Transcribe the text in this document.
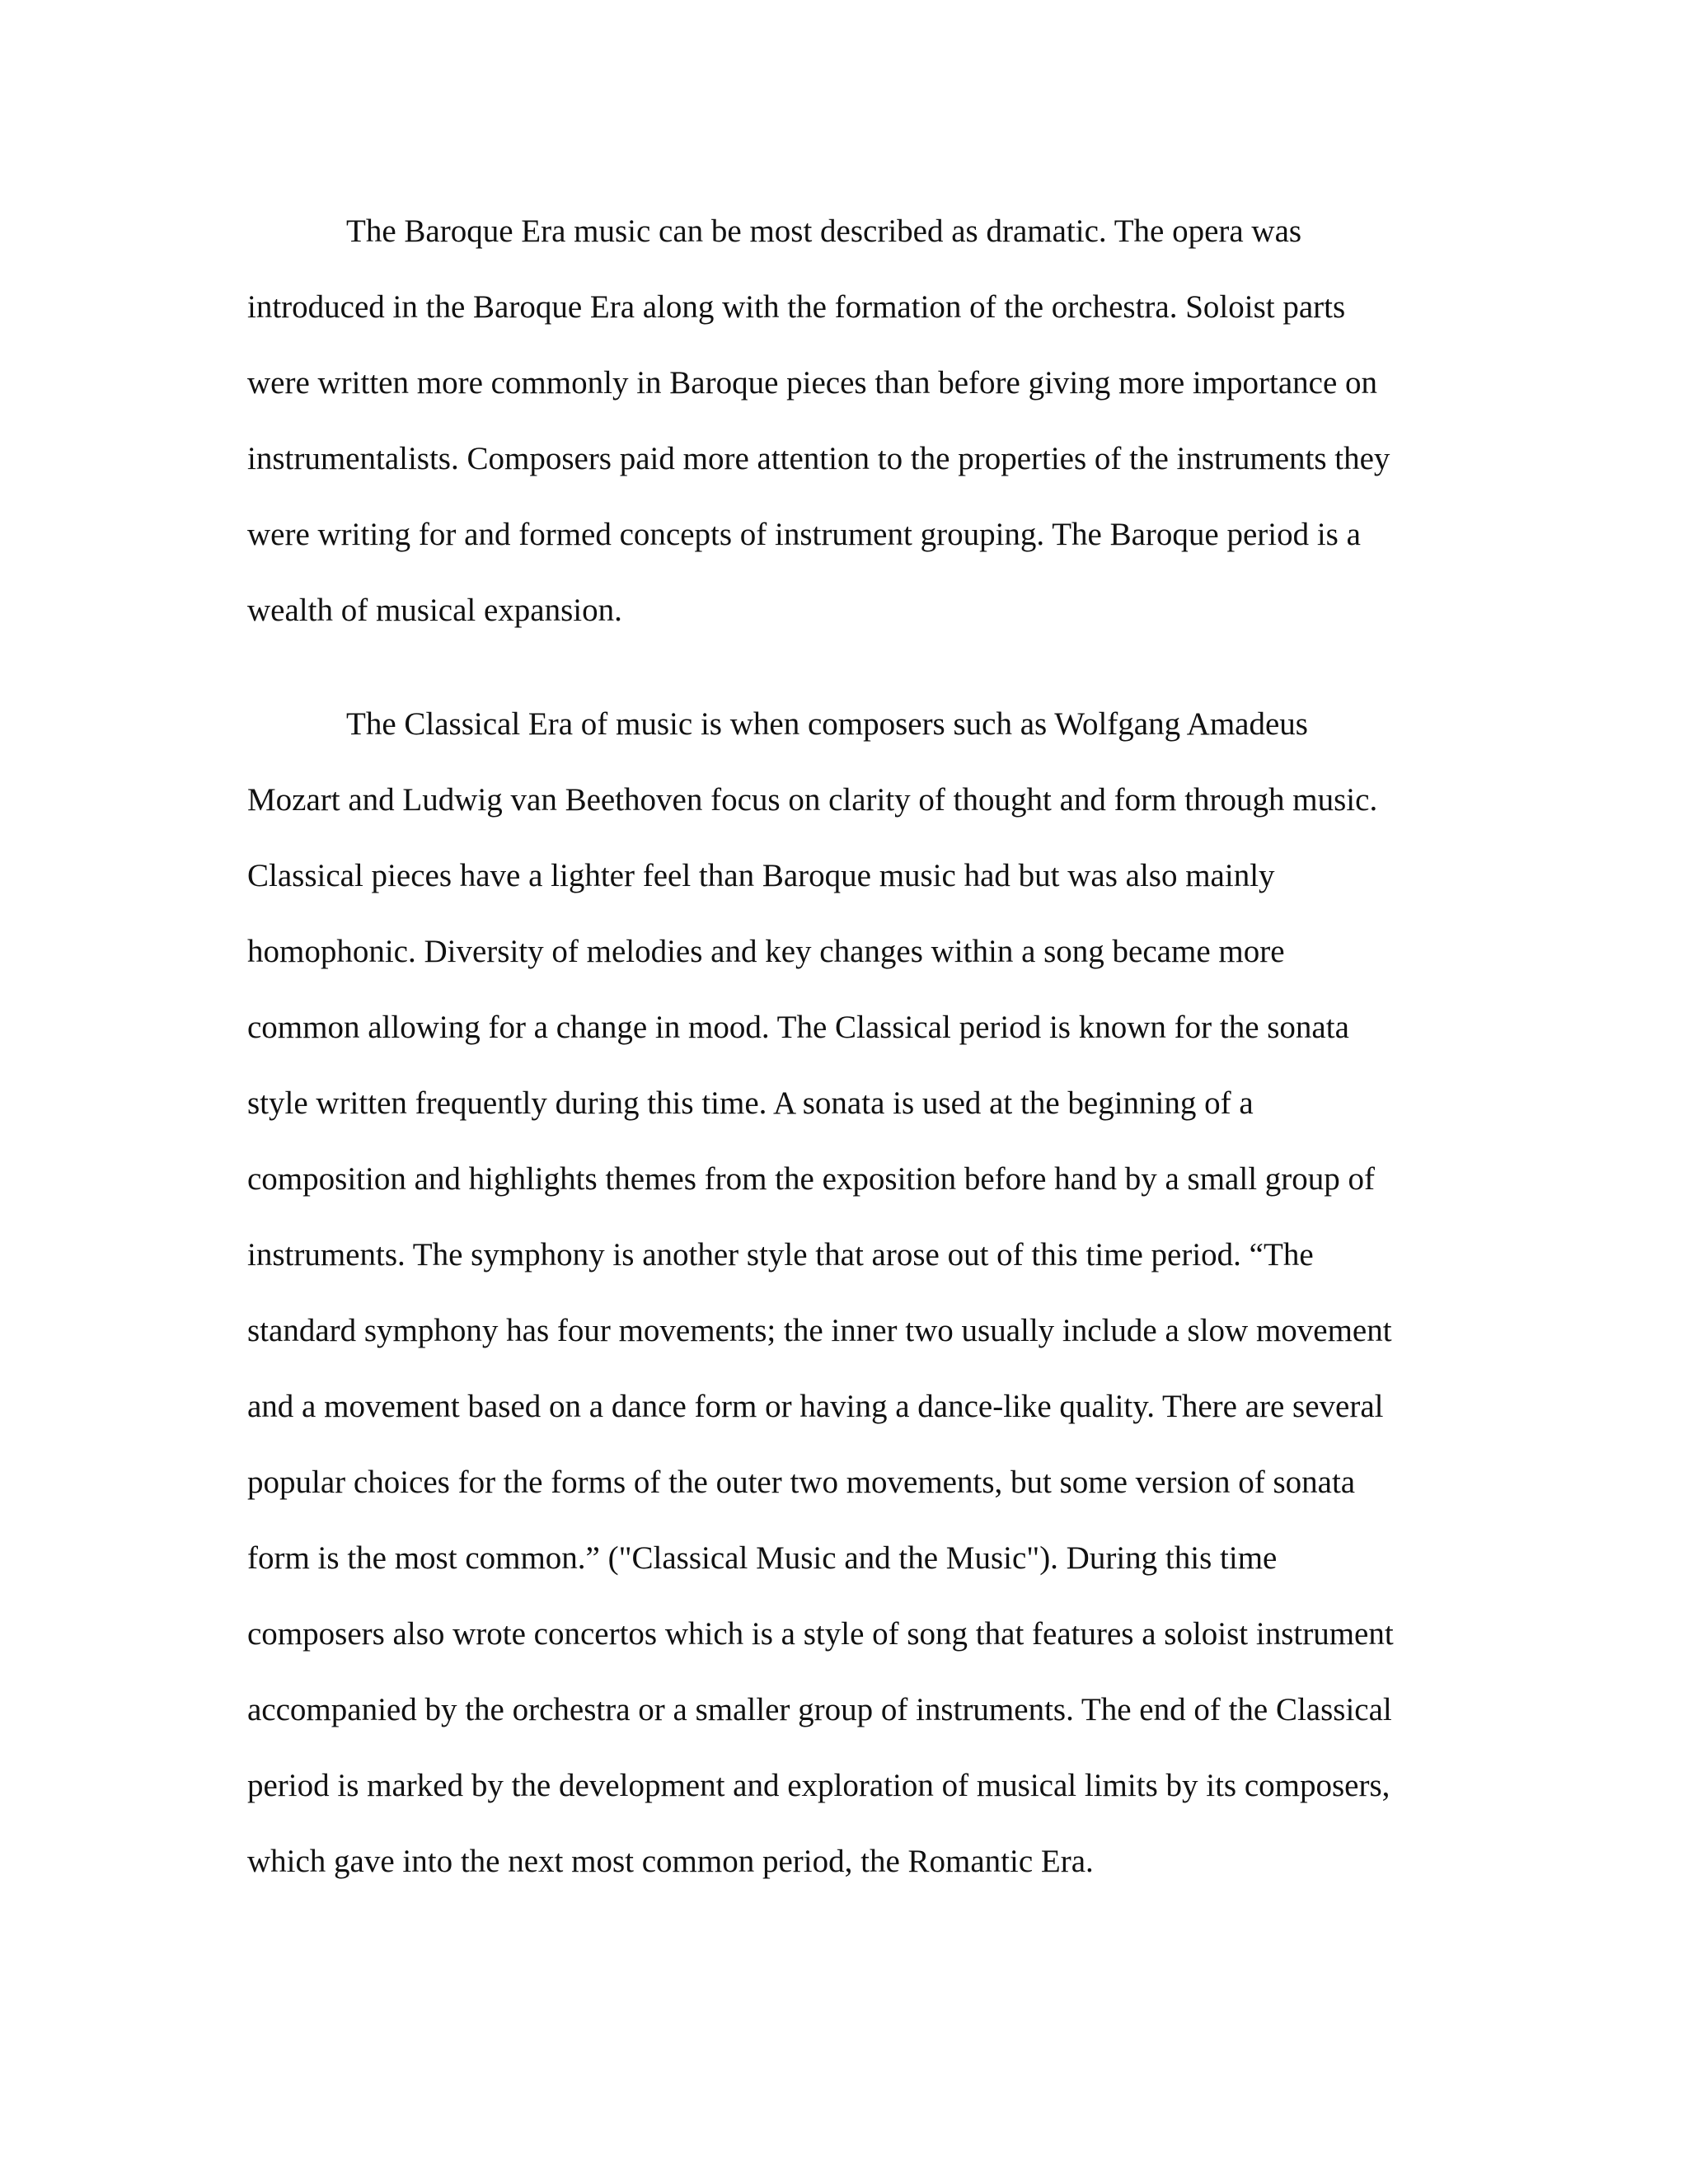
The Baroque Era music can be most described as dramatic. The opera was
introduced in the Baroque Era along with the formation of the orchestra. Soloist parts
were written more commonly in Baroque pieces than before giving more importance on
instrumentalists. Composers paid more attention to the properties of the instruments they
were writing for and formed concepts of instrument grouping. The Baroque period is a
wealth of musical expansion.

The Classical Era of music is when composers such as Wolfgang Amadeus
Mozart and Ludwig van Beethoven focus on clarity of thought and form through music.
Classical pieces have a lighter feel than Baroque music had but was also mainly
homophonic. Diversity of melodies and key changes within a song became more
common allowing for a change in mood. The Classical period is known for the sonata
style written frequently during this time. A sonata is used at the beginning of a
composition and highlights themes from the exposition before hand by a small group of
instruments. The symphony is another style that arose out of this time period. “The
standard symphony has four movements; the inner two usually include a slow movement
and a movement based on a dance form or having a dance-like quality. There are several
popular choices for the forms of the outer two movements, but some version of sonata
form is the most common.” ("Classical Music and the Music"). During this time
composers also wrote concertos which is a style of song that features a soloist instrument
accompanied by the orchestra or a smaller group of instruments. The end of the Classical
period is marked by the development and exploration of musical limits by its composers,
which gave into the next most common period, the Romantic Era.
